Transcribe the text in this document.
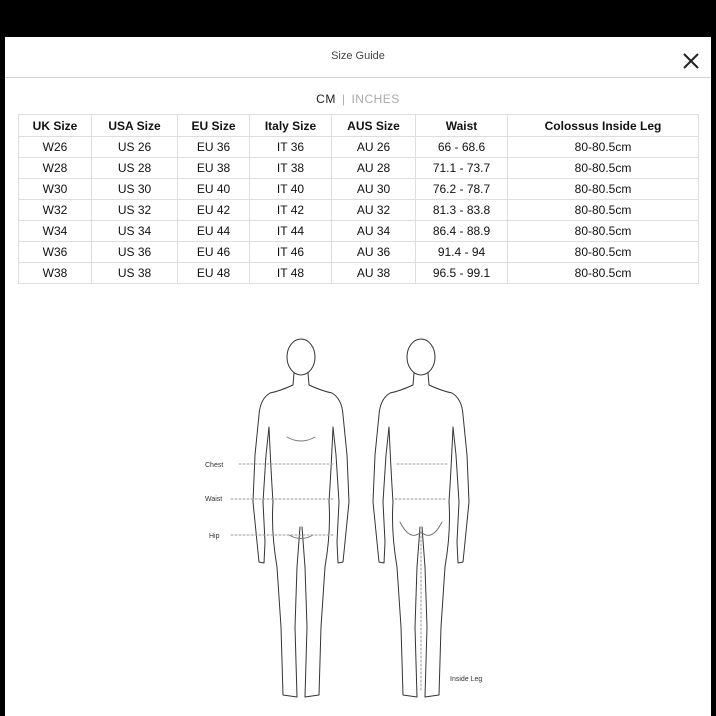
Size Guide
CM | INCHES
UK Size	USA Size	EU Size	Italy Size	AUS Size	Waist	Colossus Inside Leg
W26	US 26	EU 36	IT 36	AU 26	66 - 68.6	80-80.5cm
W28	US 28	EU 38	IT 38	AU 28	71.1 - 73.7	80-80.5cm
W30	US 30	EU 40	IT 40	AU 30	76.2 - 78.7	80-80.5cm
W32	US 32	EU 42	IT 42	AU 32	81.3 - 83.8	80-80.5cm
W34	US 34	EU 44	IT 44	AU 34	86.4 - 88.9	80-80.5cm
W36	US 36	EU 46	IT 46	AU 36	91.4 - 94	80-80.5cm
W38	US 38	EU 48	IT 48	AU 38	96.5 - 99.1	80-80.5cm
Chest
Waist
Hip
Inside Leg
